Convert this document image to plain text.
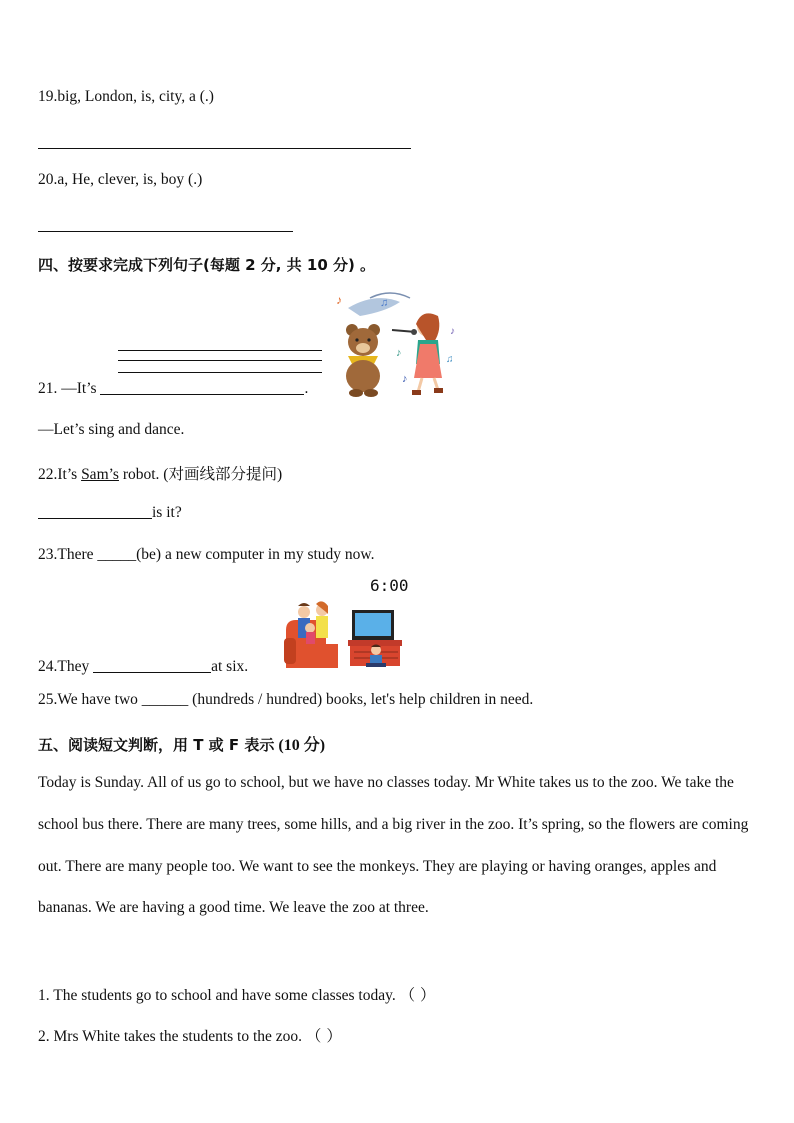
19.big, London, is, city, a (.)
20.a, He, clever, is, boy (.)
四、按要求完成下列句子(每题 2 分, 共 10 分) 。
21. —It’s	.
♪	♫
♪
♪
♪
♫
—Let’s sing and dance.
22.It’s Sam’s robot. (对画线部分提问)
is it?
23.There _____(be) a new computer in my study now.
6:00
24.They	at six.
25.We have two ______ (hundreds / hundred) books, let's help children in need.
五、阅读短文判断，用 T 或 F 表示 (10 分)
Today is Sunday. All of us go to school, but we have no classes today. Mr White takes us to the zoo. We take the school bus there. There are many trees, some hills, and a big river in the zoo. It’s spring, so the flowers are coming out. There are many people too. We want to see the monkeys. They are playing or having oranges, apples and bananas. We are having a good time. We leave the zoo at three.
1. The students go to school and have some classes today. （ ）
2. Mrs White takes the students to the zoo. （ ）
